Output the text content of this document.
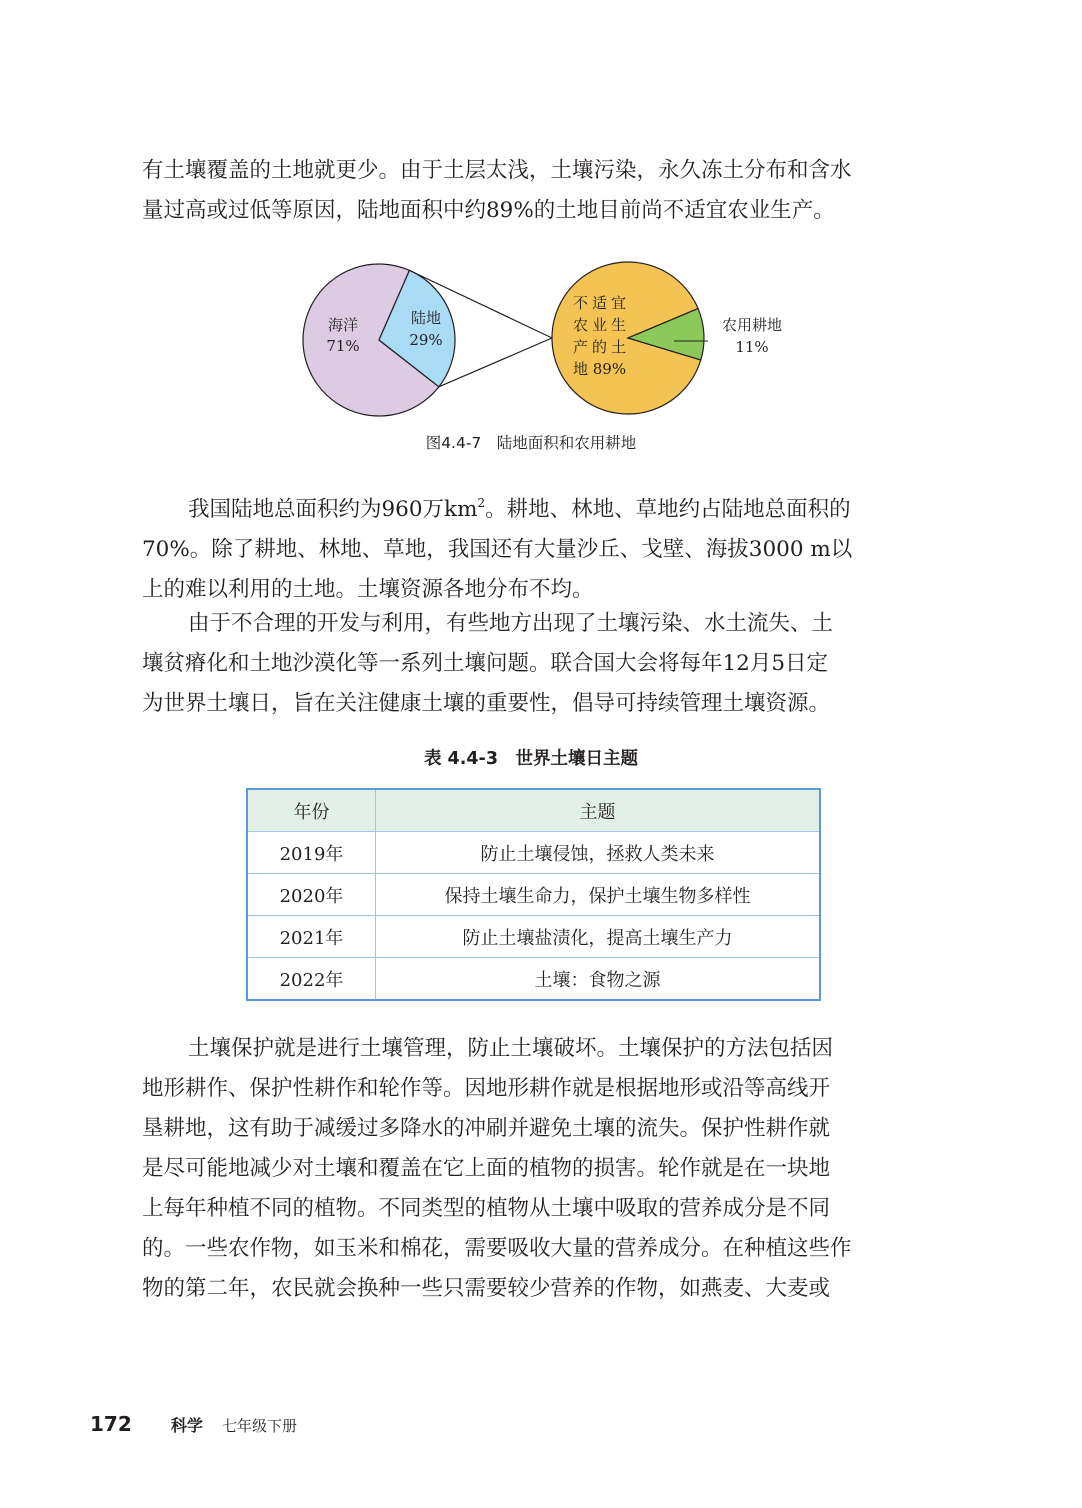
有土壤覆盖的土地就更少。由于土层太浅，土壤污染，永久冻土分布和含水
量过高或过低等原因，陆地面积中约89%的土地目前尚不适宜农业生产。
海洋
71%
陆地
29%
不适宜
农业生
产的土
地 89%
农用耕地
11%
图4.4-7　陆地面积和农用耕地
我国陆地总面积约为960万$km^2$。耕地、林地、草地约占陆地总面积的
70%。除了耕地、林地、草地，我国还有大量沙丘、戈壁、海拔3000 m以
上的难以利用的土地。土壤资源各地分布不均。
由于不合理的开发与利用，有些地方出现了土壤污染、水土流失、土
壤贫瘠化和土地沙漠化等一系列土壤问题。联合国大会将每年12月5日定
为世界土壤日，旨在关注健康土壤的重要性，倡导可持续管理土壤资源。
表 4.4-3　世界土壤日主题
年份	主题
2019年	防止土壤侵蚀，拯救人类未来
2020年	保持土壤生命力，保护土壤生物多样性
2021年	防止土壤盐渍化，提高土壤生产力
2022年	土壤：食物之源
土壤保护就是进行土壤管理，防止土壤破坏。土壤保护的方法包括因
地形耕作、保护性耕作和轮作等。因地形耕作就是根据地形或沿等高线开
垦耕地，这有助于减缓过多降水的冲刷并避免土壤的流失。保护性耕作就
是尽可能地减少对土壤和覆盖在它上面的植物的损害。轮作就是在一块地
上每年种植不同的植物。不同类型的植物从土壤中吸取的营养成分是不同
的。一些农作物，如玉米和棉花，需要吸收大量的营养成分。在种植这些作
物的第二年，农民就会换种一些只需要较少营养的作物，如燕麦、大麦或
172 科学 七年级下册
